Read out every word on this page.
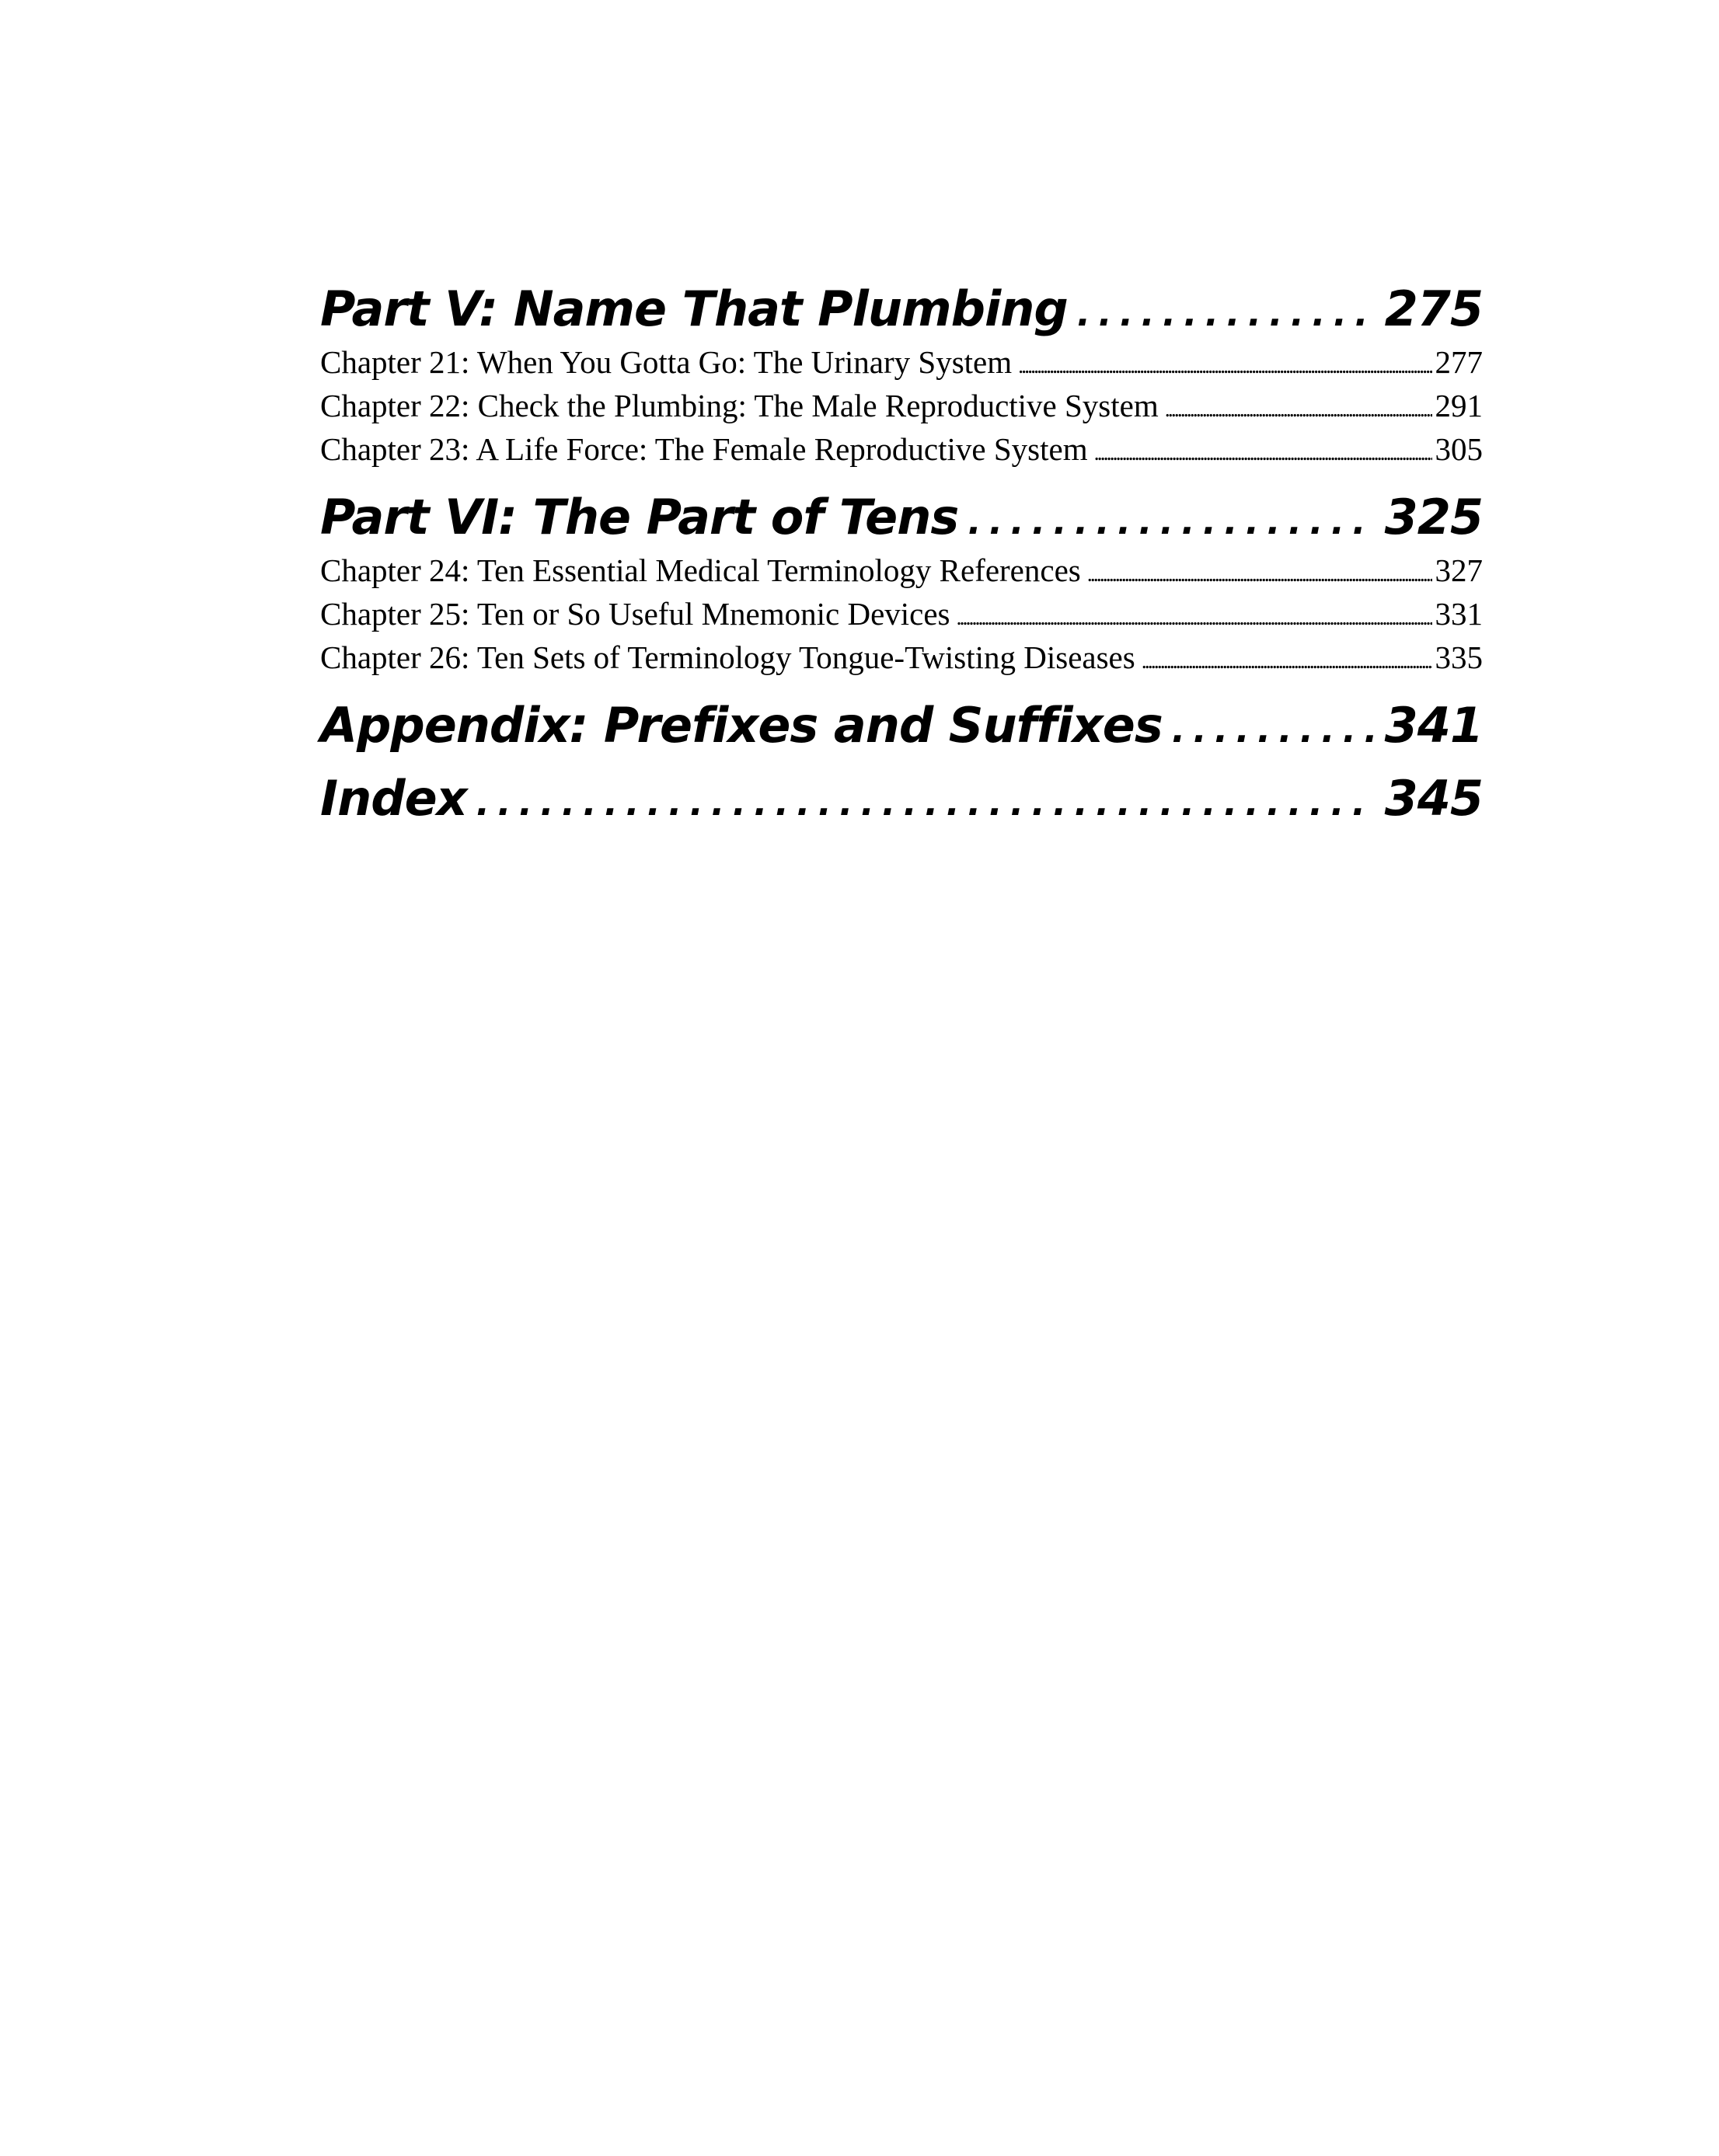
Part V: Name That Plumbing . . .	275
Chapter 21: When You Gotta Go: The Urinary System . . .	277
Chapter 22: Check the Plumbing: The Male Reproductive System . . .	291
Chapter 23: A Life Force: The Female Reproductive System . . .	305
Part VI: The Part of Tens . . .	325
Chapter 24: Ten Essential Medical Terminology References . . .	327
Chapter 25: Ten or So Useful Mnemonic Devices . . .	331
Chapter 26: Ten Sets of Terminology Tongue-Twisting Diseases . . .	335
Appendix: Prefixes and Suffixes . . .	341
Index . . .	345
